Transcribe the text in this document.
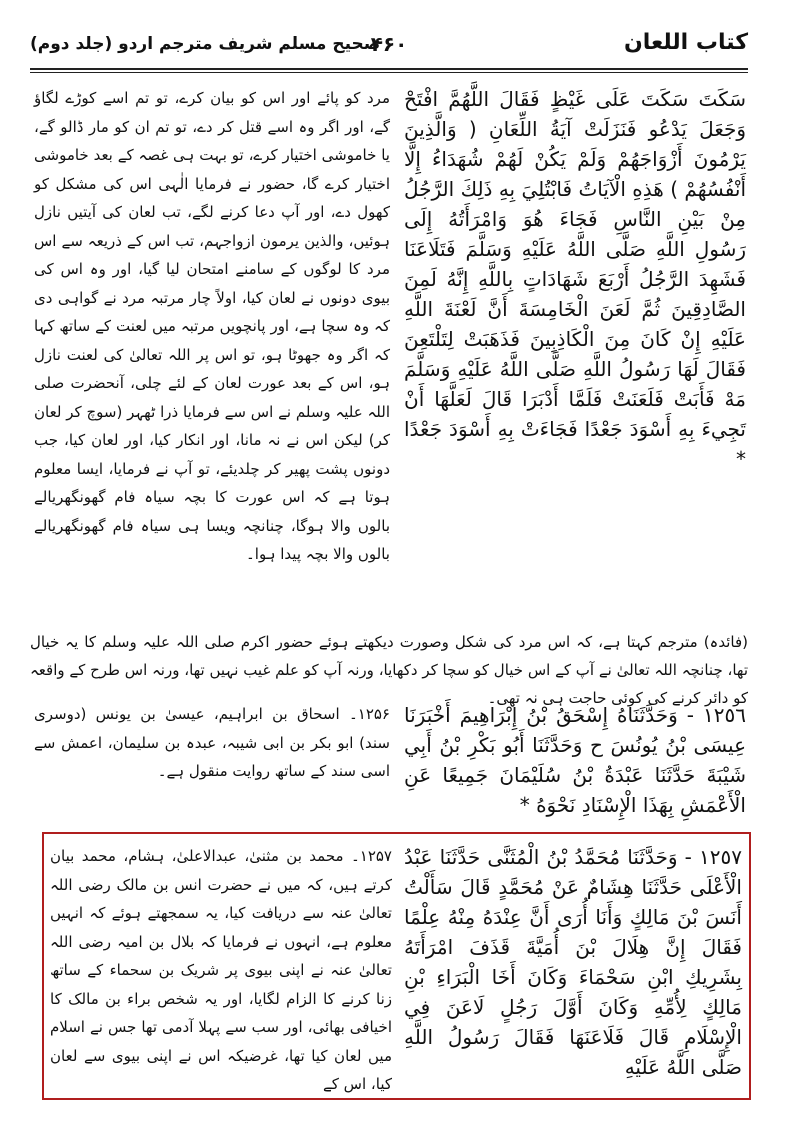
كتاب اللعان
۴۶۰
صحیح مسلم شریف مترجم اردو (جلد دوم)

سَكَتَ سَكَتَ عَلَى غَيْظٍ فَقَالَ اللَّهُمَّ افْتَحْ وَجَعَلَ يَدْعُو فَنَزَلَتْ آيَةُ اللِّعَانِ ( وَالَّذِينَ يَرْمُونَ أَزْوَاجَهُمْ وَلَمْ يَكُنْ لَهُمْ شُهَدَاءُ إِلَّا أَنْفُسُهُمْ ) هَذِهِ الْآيَاتُ فَابْتُلِيَ بِهِ ذَلِكَ الرَّجُلُ مِنْ بَيْنِ النَّاسِ فَجَاءَ هُوَ وَامْرَأَتُهُ إِلَى رَسُولِ اللَّهِ صَلَّى اللَّهُ عَلَيْهِ وَسَلَّمَ فَتَلَاعَنَا فَشَهِدَ الرَّجُلُ أَرْبَعَ شَهَادَاتٍ بِاللَّهِ إِنَّهُ لَمِنَ الصَّادِقِينَ ثُمَّ لَعَنَ الْخَامِسَةَ أَنَّ لَعْنَةَ اللَّهِ عَلَيْهِ إِنْ كَانَ مِنَ الْكَاذِبِينَ فَذَهَبَتْ لِتَلْتَعِنَ فَقَالَ لَهَا رَسُولُ اللَّهِ صَلَّى اللَّهُ عَلَيْهِ وَسَلَّمَ مَهْ فَأَبَتْ فَلَعَنَتْ فَلَمَّا أَدْبَرَا قَالَ لَعَلَّهَا أَنْ تَجِيءَ بِهِ أَسْوَدَ جَعْدًا فَجَاءَتْ بِهِ أَسْوَدَ جَعْدًا *

مرد کو پائے اور اس کو بیان کرے، تو تم اسے کوڑے لگاؤ گے، اور اگر وہ اسے قتل کر دے، تو تم ان کو مار ڈالو گے، یا خاموشی اختیار کرے، تو بہت ہی غصہ کے بعد خاموشی اختیار کرے گا، حضور نے فرمایا الٰہی اس کی مشکل کو کھول دے، اور آپ دعا کرنے لگے، تب لعان کی آیتیں نازل ہوئیں، والذین یرمون ازواجہم، تب اس کے ذریعہ سے اس مرد کا لوگوں کے سامنے امتحان لیا گیا، اور وہ اس کی بیوی دونوں نے لعان کیا، اولاً چار مرتبہ مرد نے گواہی دی کہ وہ سچا ہے، اور پانچویں مرتبہ میں لعنت کے ساتھ کہا کہ اگر وہ جھوٹا ہو، تو اس پر اللہ تعالیٰ کی لعنت نازل ہو، اس کے بعد عورت لعان کے لئے چلی، آنحضرت صلی اللہ علیہ وسلم نے اس سے فرمایا ذرا ٹھہر (سوچ کر لعان کر) لیکن اس نے نہ مانا، اور انکار کیا، اور لعان کیا، جب دونوں پشت پھیر کر چلدیئے، تو آپ نے فرمایا، ایسا معلوم ہوتا ہے کہ اس عورت کا بچہ سیاہ فام گھونگھریالے بالوں والا ہوگا، چنانچہ ویسا ہی سیاہ فام گھونگھریالے بالوں والا بچہ پیدا ہوا۔

(فائدہ) مترجم کہتا ہے، کہ اس مرد کی شکل وصورت دیکھتے ہوئے حضور اکرم صلی اللہ علیہ وسلم کا یہ خیال تھا، چنانچہ اللہ تعالیٰ نے آپ کے اس خیال کو سچا کر دکھایا، ورنہ آپ کو علم غیب نہیں تھا، ورنہ اس طرح کے واقعہ کو دائر کرنے کی کوئی حاجت ہی نہ تھی۔

١٢٥٦ - وَحَدَّثَنَاهُ إِسْحَقُ بْنُ إِبْرَاهِيمَ أَخْبَرَنَا عِيسَى بْنُ يُونُسَ ح وَحَدَّثَنَا أَبُو بَكْرِ بْنُ أَبِي شَيْبَةَ حَدَّثَنَا عَبْدَةُ بْنُ سُلَيْمَانَ جَمِيعًا عَنِ الْأَعْمَشِ بِهَذَا الْإِسْنَادِ نَحْوَهُ *

۱۲۵۶۔ اسحاق بن ابراہیم، عیسیٰ بن یونس (دوسری سند) ابو بکر بن ابی شیبہ، عبدہ بن سلیمان، اعمش سے اسی سند کے ساتھ روایت منقول ہے۔

١٢٥٧ - وَحَدَّثَنَا مُحَمَّدُ بْنُ الْمُثَنَّى حَدَّثَنَا عَبْدُ الْأَعْلَى حَدَّثَنَا هِشَامٌ عَنْ مُحَمَّدٍ قَالَ سَأَلْتُ أَنَسَ بْنَ مَالِكٍ وَأَنَا أُرَى أَنَّ عِنْدَهُ مِنْهُ عِلْمًا فَقَالَ إِنَّ هِلَالَ بْنَ أُمَيَّةَ قَذَفَ امْرَأَتَهُ بِشَرِيكِ ابْنِ سَحْمَاءَ وَكَانَ أَخَا الْبَرَاءِ بْنِ مَالِكٍ لِأُمِّهِ وَكَانَ أَوَّلَ رَجُلٍ لَاعَنَ فِي الْإِسْلَامِ قَالَ فَلَاعَنَهَا فَقَالَ رَسُولُ اللَّهِ صَلَّى اللَّهُ عَلَيْهِ

۱۲۵۷۔ محمد بن مثنیٰ، عبدالاعلیٰ، ہشام، محمد بیان کرتے ہیں، کہ میں نے حضرت انس بن مالک رضی اللہ تعالیٰ عنہ سے دریافت کیا، یہ سمجھتے ہوئے کہ انہیں معلوم ہے، انہوں نے فرمایا کہ بلال بن امیہ رضی اللہ تعالیٰ عنہ نے اپنی بیوی پر شریک بن سحماء کے ساتھ زنا کرنے کا الزام لگایا، اور یہ شخص براء بن مالک کا اخیافی بھائی، اور سب سے پہلا آدمی تھا جس نے اسلام میں لعان کیا تھا، غرضیکہ اس نے اپنی بیوی سے لعان کیا، اس کے
